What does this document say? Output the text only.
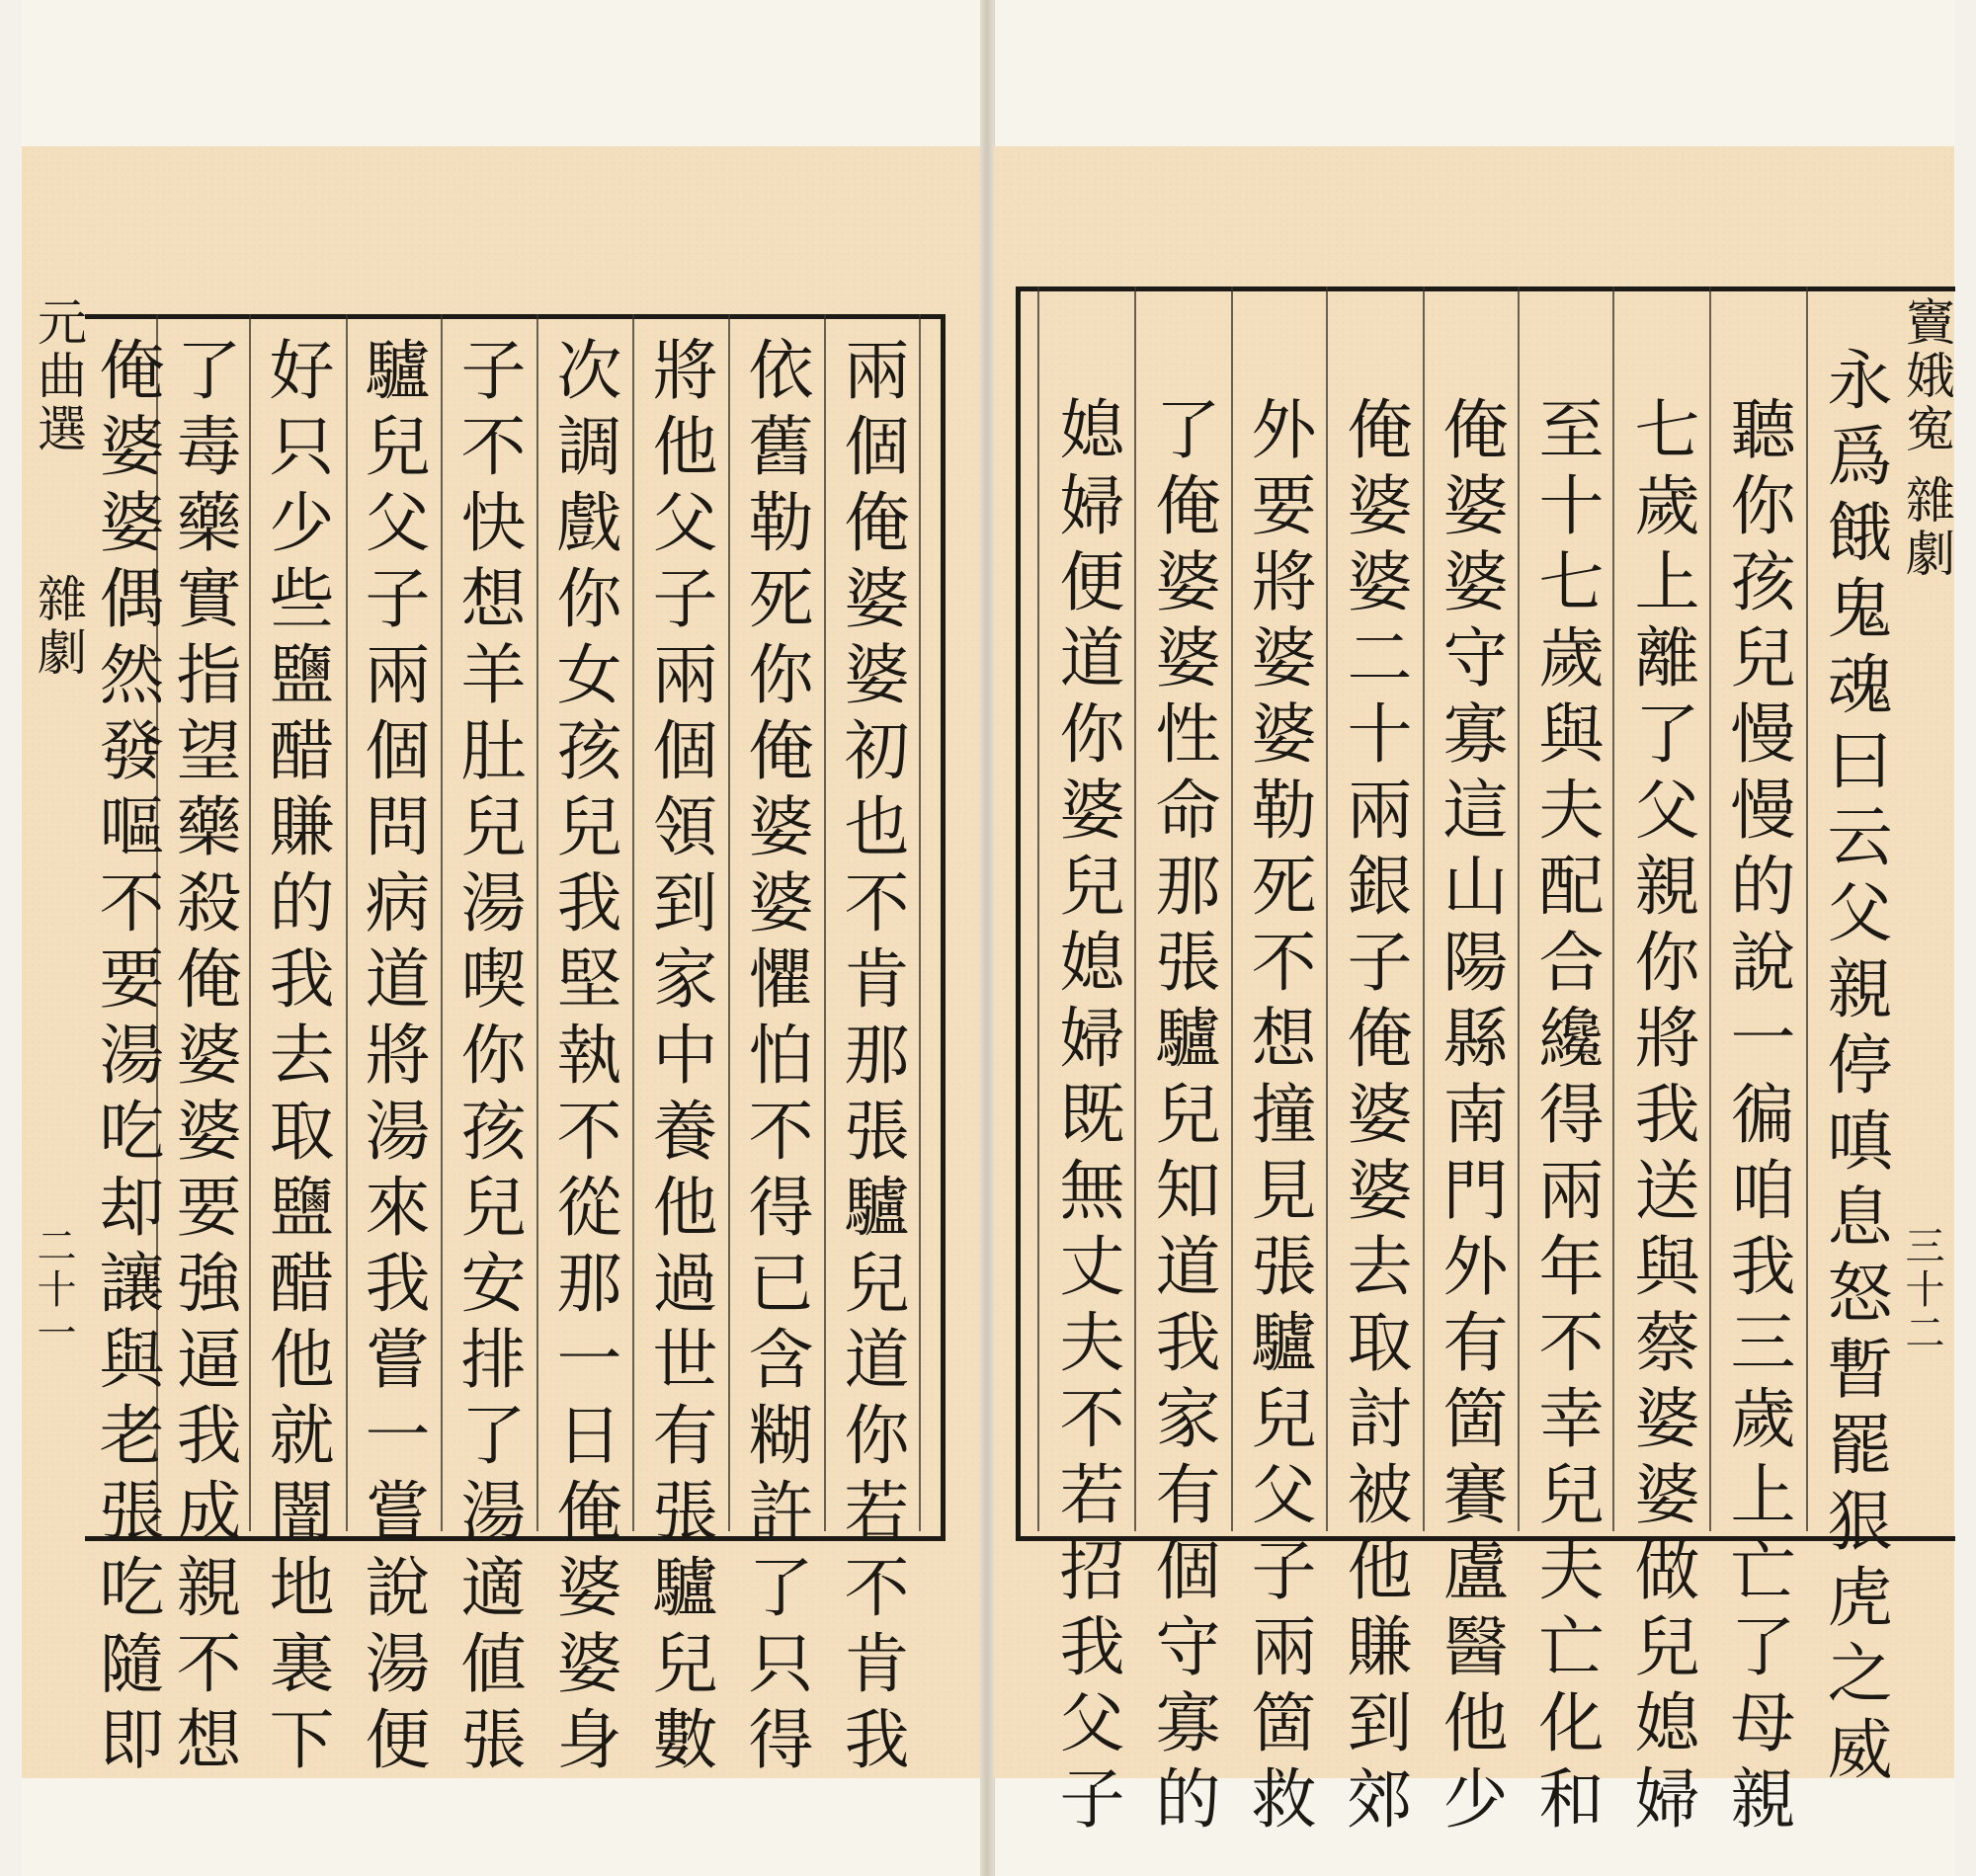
竇娥寃
雜劇
三十二
永爲餓鬼魂曰云父親停嗔息怒暫罷狠虎之威
聽你孩兒慢慢的說一徧咱我三歲上亡了母親
七歲上離了父親你將我送與蔡婆婆做兒媳婦
至十七歲與夫配合纔得兩年不幸兒夫亡化和
俺婆婆守寡這山陽縣南門外有箇賽盧醫他少
俺婆婆二十兩銀子俺婆婆去取討被他賺到郊
外要將婆婆勒死不想撞見張驢兒父子兩箇救
了俺婆婆性命那張驢兒知道我家有個守寡的
媳婦便道你婆兒媳婦既無丈夫不若招我父子
兩個俺婆婆初也不肯那張驢兒道你若不肯我
依舊勒死你俺婆婆懼怕不得已含糊許了只得
將他父子兩個領到家中養他過世有張驢兒數
次調戲你女孩兒我堅執不從那一日俺婆婆身
子不快想羊肚兒湯喫你孩兒安排了湯適値張
驢兒父子兩個問病道將湯來我嘗一嘗說湯便
好只少些鹽醋賺的我去取鹽醋他就闇地裏下
了毒藥實指望藥殺俺婆婆要強逼我成親不想
俺婆婆偶然發嘔不要湯吃却讓與老張吃隨即
元曲選
雜劇
二十一
